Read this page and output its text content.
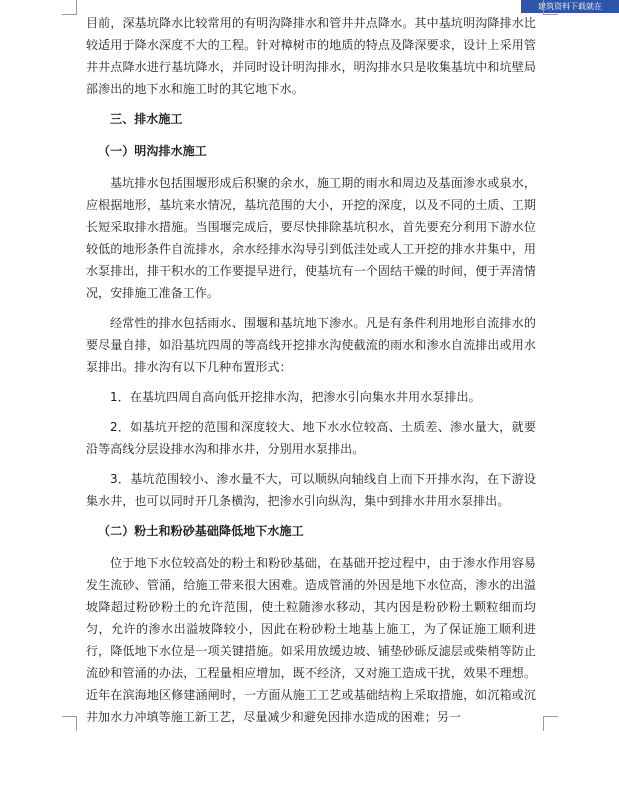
建筑资料下载就在

目前，深基坑降水比较常用的有明沟降排水和管井井点降水。其中基坑明沟降排水比较适用于降水深度不大的工程。针对樟树市的地质的特点及降深要求，设计上采用管井井点降水进行基坑降水，并同时设计明沟排水，明沟排水只是收集基坑中和坑壁局部渗出的地下水和施工时的其它地下水。

三、排水施工

（一）明沟排水施工

基坑排水包括围堰形成后积聚的余水，施工期的雨水和周边及基面渗水或泉水，应根据地形，基坑来水情况，基坑范围的大小，开挖的深度，以及不同的土质、工期长短采取排水措施。当围堰完成后，要尽快排除基坑积水，首先要充分利用下游水位较低的地形条件自流排水，余水经排水沟导引到低洼处或人工开挖的排水井集中，用水泵排出，排干积水的工作要提早进行，使基坑有一个固结干燥的时间，便于弄清情况，安排施工准备工作。

经常性的排水包括雨水、围堰和基坑地下渗水。凡是有条件利用地形自流排水的要尽量自排，如沿基坑四周的等高线开挖排水沟使截流的雨水和渗水自流排出或用水泵排出。排水沟有以下几种布置形式：

1．在基坑四周自高向低开挖排水沟，把渗水引向集水井用水泵排出。

2．如基坑开挖的范围和深度较大、地下水水位较高、土质差、渗水量大，就要沿等高线分层设排水沟和排水井，分别用水泵排出。

3．基坑范围较小、渗水量不大，可以顺纵向轴线自上而下开排水沟，在下游设集水井，也可以同时开几条横沟，把渗水引向纵沟，集中到排水井用水泵排出。

（二）粉土和粉砂基础降低地下水施工

位于地下水位较高处的粉土和粉砂基础，在基础开挖过程中，由于渗水作用容易发生流砂、管涌，给施工带来很大困难。造成管涌的外因是地下水位高，渗水的出溢坡降超过粉砂粉土的允许范围，使土粒随渗水移动，其内因是粉砂粉土颗粒细而均匀，允许的渗水出溢坡降较小，因此在粉砂粉土地基上施工，为了保证施工顺利进行，降低地下水位是一项关键措施。如采用放缓边坡、铺垫砂砾反滤层或柴梢等防止流砂和管涌的办法，工程量相应增加，既不经济，又对施工造成干扰，效果不理想。近年在滨海地区修建涵闸时，一方面从施工工艺或基础结构上采取措施，如沉箱或沉井加水力冲填等施工新工艺，尽量减少和避免因排水造成的困难；另一
